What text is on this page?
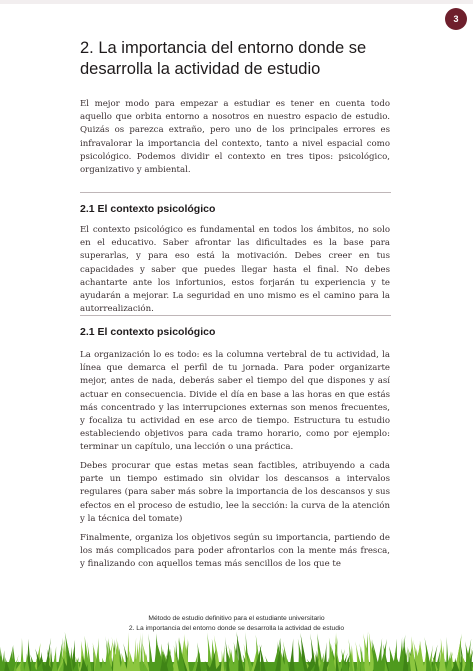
3
2. La importancia del entorno donde se desarrolla la actividad de estudio

El mejor modo para empezar a estudiar es tener en cuenta todo aquello que orbita entorno a nosotros en nuestro espacio de estudio. Quizás os parezca extraño, pero uno de los principales errores es infravalorar la importancia del contexto, tanto a nivel espacial como psicológico. Podemos dividir el contexto en tres tipos: psicológico, organizativo y ambiental.

2.1 El contexto psicológico

El contexto psicológico es fundamental en todos los ámbitos, no solo en el educativo. Saber afrontar las dificultades es la base para superarlas, y para eso está la motivación. Debes creer en tus capacidades y saber que puedes llegar hasta el final. No debes achantarte ante los infortunios, estos forjarán tu experiencia y te ayudarán a mejorar. La seguridad en uno mismo es el camino para la autorrealización.

2.1 El contexto psicológico

La organización lo es todo: es la columna vertebral de tu actividad, la línea que demarca el perfil de tu jornada. Para poder organizarte mejor, antes de nada, deberás saber el tiempo del que dispones y así actuar en consecuencia. Divide el día en base a las horas en que estás más concentrado y las interrupciones externas son menos frecuentes, y focaliza tu actividad en ese arco de tiempo. Estructura tu estudio estableciendo objetivos para cada tramo horario, como por ejemplo: terminar un capítulo, una lección o una práctica.

Debes procurar que estas metas sean factibles, atribuyendo a cada parte un tiempo estimado sin olvidar los descansos a intervalos regulares (para saber más sobre la importancia de los descansos y sus efectos en el proceso de estudio, lee la sección: la curva de la atención y la técnica del tomate)

Finalmente, organiza los objetivos según su importancia, partiendo de los más complicados para poder afrontarlos con la mente más fresca, y finalizando con aquellos temas más sencillos de los que te

Método de estudio definitivo para el estudiante universitario
2. La importancia del entorno donde se desarrolla la actividad de estudio
